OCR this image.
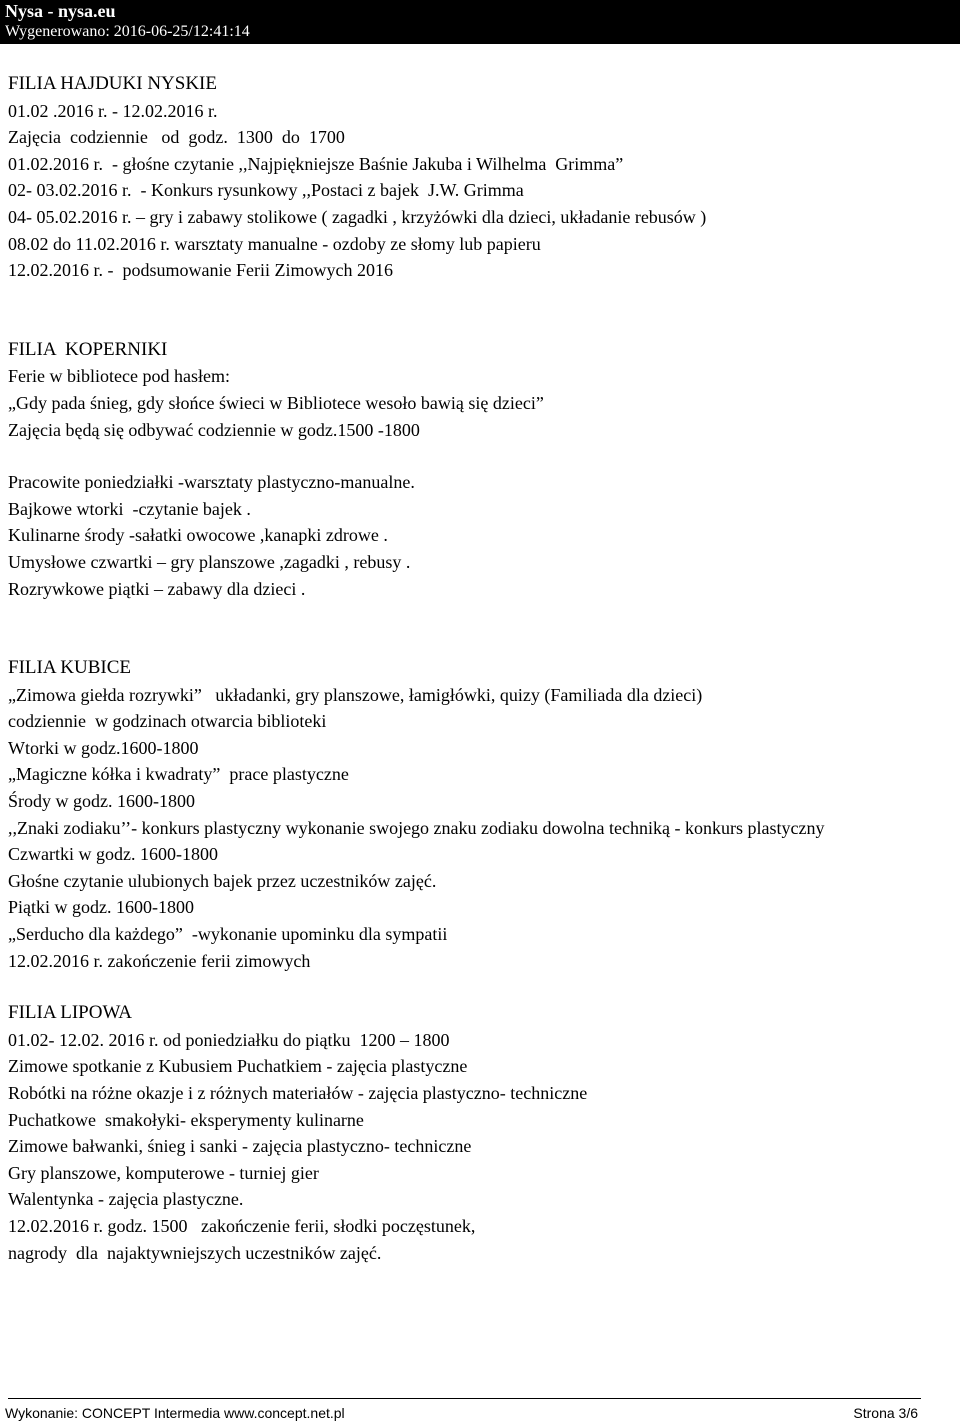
Nysa - nysa.eu
Wygenerowano: 2016-06-25/12:41:14
FILIA HAJDUKI NYSKIE
01.02 .2016 r. - 12.02.2016 r.
Zajęcia  codziennie   od  godz.  1300  do  1700
01.02.2016 r.  - głośne czytanie ,,Najpiękniejsze Baśnie Jakuba i Wilhelma  Grimma”
02- 03.02.2016 r.  - Konkurs rysunkowy ,,Postaci z bajek  J.W. Grimma
04- 05.02.2016 r. – gry i zabawy stolikowe ( zagadki , krzyżówki dla dzieci, układanie rebusów )
08.02 do 11.02.2016 r. warsztaty manualne - ozdoby ze słomy lub papieru
12.02.2016 r. -  podsumowanie Ferii Zimowych 2016
FILIA  KOPERNIKI
Ferie w bibliotece pod hasłem:
„Gdy pada śnieg, gdy słońce świeci w Bibliotece wesoło bawią się dzieci”
Zajęcia będą się odbywać codziennie w godz.1500 -1800
Pracowite poniedziałki -warsztaty plastyczno-manualne.
Bajkowe wtorki  -czytanie bajek .
Kulinarne środy -sałatki owocowe ,kanapki zdrowe .
Umysłowe czwartki – gry planszowe ,zagadki , rebusy .
Rozrywkowe piątki – zabawy dla dzieci .
FILIA KUBICE
„Zimowa giełda rozrywki”   układanki, gry planszowe, łamigłówki, quizy (Familiada dla dzieci)
codziennie  w godzinach otwarcia biblioteki
Wtorki w godz.1600-1800
„Magiczne kółka i kwadraty”  prace plastyczne
Środy w godz. 1600-1800
,,Znaki zodiaku’’- konkurs plastyczny wykonanie swojego znaku zodiaku dowolna techniką - konkurs plastyczny
Czwartki w godz. 1600-1800
Głośne czytanie ulubionych bajek przez uczestników zajęć.
Piątki w godz. 1600-1800
„Serducho dla każdego”  -wykonanie upominku dla sympatii
12.02.2016 r. zakończenie ferii zimowych
FILIA LIPOWA
01.02- 12.02. 2016 r. od poniedziałku do piątku  1200 – 1800
Zimowe spotkanie z Kubusiem Puchatkiem - zajęcia plastyczne
Robótki na różne okazje i z różnych materiałów - zajęcia plastyczno- techniczne
Puchatkowe  smakołyki- eksperymenty kulinarne
Zimowe bałwanki, śnieg i sanki - zajęcia plastyczno- techniczne
Gry planszowe, komputerowe - turniej gier
Walentynka - zajęcia plastyczne.
12.02.2016 r. godz. 1500   zakończenie ferii, słodki poczęstunek,
nagrody  dla  najaktywniejszych uczestników zajęć.
Wykonanie: CONCEPT Intermedia www.concept.net.pl	Strona 3/6
